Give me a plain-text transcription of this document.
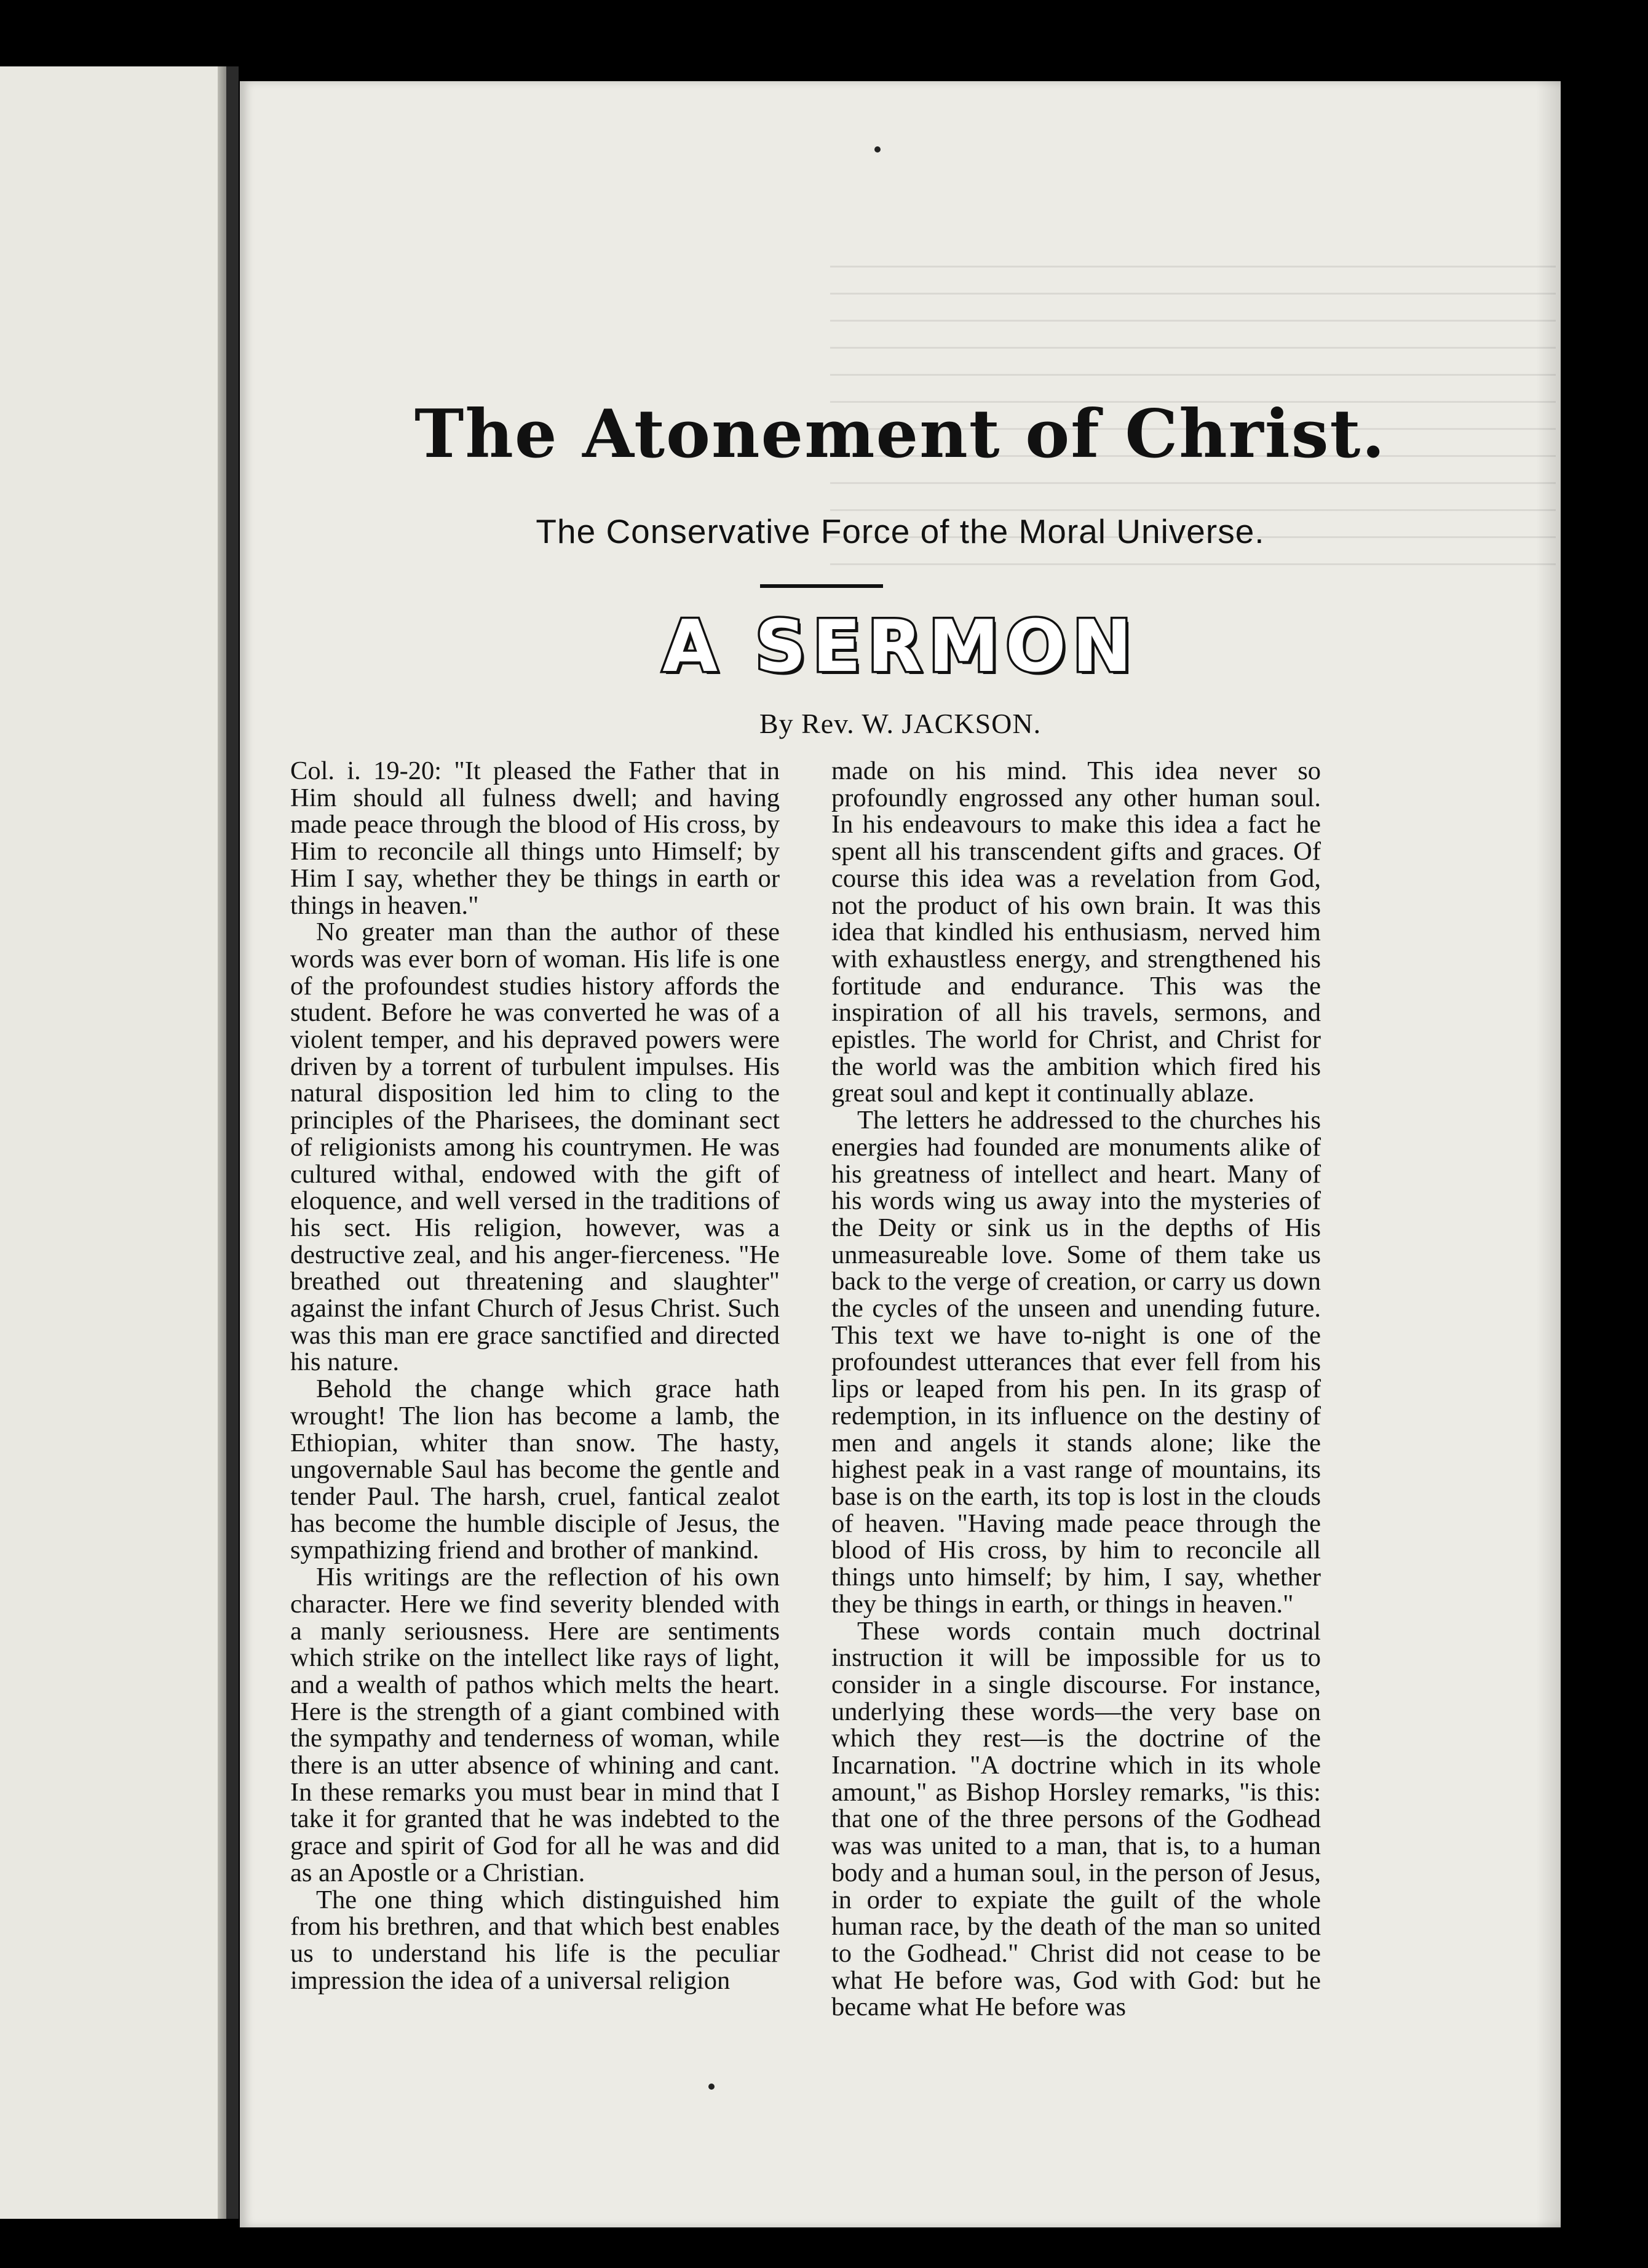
The Atonement of Christ.
The Conservative Force of the Moral Universe.
A SERMON
By Rev. W. JACKSON.

Col. i. 19-20: "It pleased the Father that in Him should all fulness dwell; and having made peace through the blood of His cross, by Him to reconcile all things unto Himself; by Him I say, whether they be things in earth or things in heaven."

No greater man than the author of these words was ever born of woman. His life is one of the profoundest studies history affords the student. Before he was converted he was of a violent temper, and his depraved powers were driven by a torrent of turbulent impulses. His natural disposition led him to cling to the principles of the Pharisees, the dominant sect of religionists among his countrymen. He was cultured withal, endowed with the gift of eloquence, and well versed in the traditions of his sect. His religion, however, was a destructive zeal, and his anger-fierceness. "He breathed out threatening and slaughter" against the infant Church of Jesus Christ. Such was this man ere grace sanctified and directed his nature.

Behold the change which grace hath wrought! The lion has become a lamb, the Ethiopian, whiter than snow. The hasty, ungovernable Saul has become the gentle and tender Paul. The harsh, cruel, fantical zealot has become the humble disciple of Jesus, the sympathizing friend and brother of mankind.

His writings are the reflection of his own character. Here we find severity blended with a manly seriousness. Here are sentiments which strike on the intellect like rays of light, and a wealth of pathos which melts the heart. Here is the strength of a giant combined with the sympathy and tenderness of woman, while there is an utter absence of whining and cant. In these remarks you must bear in mind that I take it for granted that he was indebted to the grace and spirit of God for all he was and did as an Apostle or a Christian.

The one thing which distinguished him from his brethren, and that which best enables us to understand his life is the peculiar impression the idea of a universal religion

made on his mind. This idea never so profoundly engrossed any other human soul. In his endeavours to make this idea a fact he spent all his transcendent gifts and graces. Of course this idea was a revelation from God, not the product of his own brain. It was this idea that kindled his enthusiasm, nerved him with exhaustless energy, and strengthened his fortitude and endurance. This was the inspiration of all his travels, sermons, and epistles. The world for Christ, and Christ for the world was the ambition which fired his great soul and kept it continually ablaze.

The letters he addressed to the churches his energies had founded are monuments alike of his greatness of intellect and heart. Many of his words wing us away into the mysteries of the Deity or sink us in the depths of His unmeasureable love. Some of them take us back to the verge of creation, or carry us down the cycles of the unseen and unending future. This text we have to-night is one of the profoundest utterances that ever fell from his lips or leaped from his pen. In its grasp of redemption, in its influence on the destiny of men and angels it stands alone; like the highest peak in a vast range of mountains, its base is on the earth, its top is lost in the clouds of heaven. "Having made peace through the blood of His cross, by him to reconcile all things unto himself; by him, I say, whether they be things in earth, or things in heaven."

These words contain much doctrinal instruction it will be impossible for us to consider in a single discourse. For instance, underlying these words—the very base on which they rest—is the doctrine of the Incarnation. "A doctrine which in its whole amount," as Bishop Horsley remarks, "is this: that one of the three persons of the Godhead was was united to a man, that is, to a human body and a human soul, in the person of Jesus, in order to expiate the guilt of the whole human race, by the death of the man so united to the Godhead." Christ did not cease to be what He before was, God with God: but he became what He before was
